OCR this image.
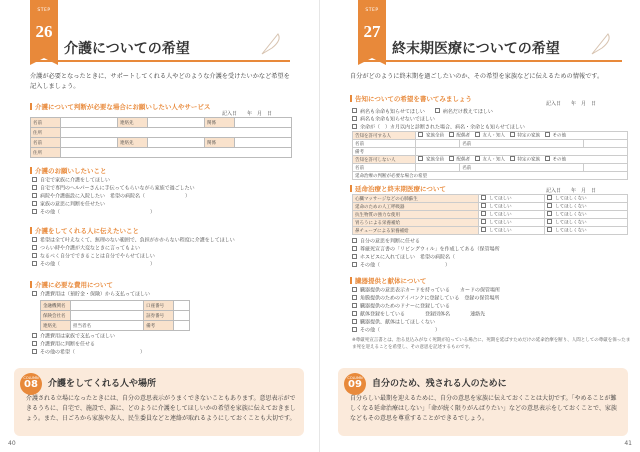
STEP
26
介護についての希望
介護が必要となったときに、サポートしてくれる人やどのような介護を受けたいかなど希望を記入しましょう。
介護について判断が必要な場合にお願いしたい人やサービス
記入日　　年　月　日
名前		連絡先		関係	
住所					
名前		連絡先		関係	
住所					
介護のお願いしたいこと
自宅で家族に介護をしてほしい
自宅で専門のヘルパーさんに手伝ってもらいながら家族で過ごしたい
病院や介護施設に入院したい　希望の病院名（　　　　　　　　）
家族の意思に判断を任せたい
その他（　　　　　　　　　　　　　　　　　　）
介護をしてくれる人に伝えたいこと
希望は全て叶えなくて、無理のない範囲で、負担がかからない程度に介護をしてほしい
つらい時や介護が大変なときに言ってもよい
なるべく自分でできることは自分でやらせてほしい
その他（　　　　　　　　　　　　　　　　　　）
介護に必要な費用について
介護費用は（預貯金・保険）から支払ってほしい
金融機関名		口座番号	
保険会社名		証券番号	
連絡先	担当者名	備考	
介護費用は家族で支払ってほしい
介護費用に判断を任せる
その他の希望（　　　　　　　　　　　　　）
COLUMN
08	介護をしてくれる人や場所
介護される立場になったときには、自分の意思表示がうまくできないこともあります。意思表示ができるうちに、自宅で、施設で、誰に、どのように介護をしてほしいかの希望を家族に伝えておきましょう。また、日ごろから家族や友人、民生委員などと連絡が取れるようにしておくことも大切です。
40
STEP
27
終末期医療についての希望
自分がどのように終末期を過ごしたいのか、その希望を家族などに伝えるための情報です。
告知についての希望を書いてみましょう
記入日　　年　月　日
病名も余命も知らせてほしい　　	病名だけ教えてほしい
病名も余命も知らせないでほしい
余命が（　）カ月以内と診断された場合、病名・余命とも知らせてほしい
告知を許可する人	家族全員　 配偶者　 友人・知人　 特定の家族　 その他		
名前		名前	
備考			
告知を許可しない人	家族全員　 配偶者　 友人・知人　 特定の家族　 その他		
名前		名前	
延命治療の判断が必要な場合の希望			
延命治療と終末期医療について	記入日　　年　月　日
心臓マッサージなどの心肺蘇生	してほしい	してほしくない
延命のための人工呼吸器	してほしい	してほしくない
抗生物質の強力な使用	してほしい	してほしくない
胃ろうによる栄養補給	してほしい	してほしくない
鼻チューブによる栄養補給	してほしい	してほしくない
自分の意思を判断に任せる
尊厳死宣言書の「リビングウィル」を作成してある（保管場所
ホスピスに入れてほしい　希望の病院名（
その他（　　　　　　　　　　　　　）
臓器提供と献体について
臓器提供の意思表示カードを持っている　　 カードの保管場所
角膜提供のためのアイバンクに登録している　 登録の保管場所
臓器提供のためのドナーに登録している
献体登録をしている　　　　	登録団体名　　　　	連絡先
臓器提供、献体はしてほしくない
その他（　　　　　　　　　　　）
※尊厳死宣言書とは、治る見込みがなく死期が迫っている場合に、死期を延ばすためだけの延命治療を断り、人間としての尊厳を保ったまま死を迎えることを希望し、その意思を記述するものです。
COLUMN
09	自分のため、残される人のために
自分らしい最期を迎えるために、自分の意思を家族に伝えておくことは大切です。「やめることが難しくなる延命治療はしない」「命が続く限りがんばりたい」などの意思表示をしておくことで、家族などもその意思を尊重することができるでしょう。
41
